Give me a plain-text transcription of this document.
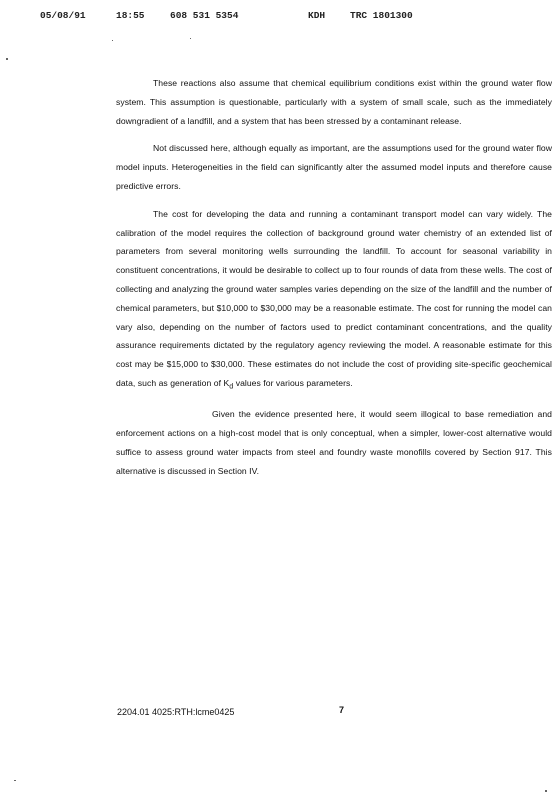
05/08/91	18:55	608 531 5354	KDH	TRC 1801300

These reactions also assume that chemical equilibrium conditions exist within the ground water flow system. This assumption is questionable, particularly with a system of small scale, such as the immediately downgradient of a landfill, and a system that has been stressed by a contaminant release.

Not discussed here, although equally as important, are the assumptions used for the ground water flow model inputs. Heterogeneities in the field can significantly alter the assumed model inputs and therefore cause predictive errors.

The cost for developing the data and running a contaminant transport model can vary widely. The calibration of the model requires the collection of background ground water chemistry of an extended list of parameters from several monitoring wells surrounding the landfill. To account for seasonal variability in constituent concentrations, it would be desirable to collect up to four rounds of data from these wells. The cost of collecting and analyzing the ground water samples varies depending on the size of the landfill and the number of chemical parameters, but $10,000 to $30,000 may be a reasonable estimate. The cost for running the model can vary also, depending on the number of factors used to predict contaminant concentrations, and the quality assurance requirements dictated by the regulatory agency reviewing the model. A reasonable estimate for this cost may be $15,000 to $30,000. These estimates do not include the cost of providing site-specific geochemical data, such as generation of $K_d$ values for various parameters.

Given the evidence presented here, it would seem illogical to base remediation and enforcement actions on a high-cost model that is only conceptual, when a simpler, lower-cost alternative would suffice to assess ground water impacts from steel and foundry waste monofills covered by Section 917. This alternative is discussed in Section IV.

2204.01 4025:RTH:lcme0425	7
